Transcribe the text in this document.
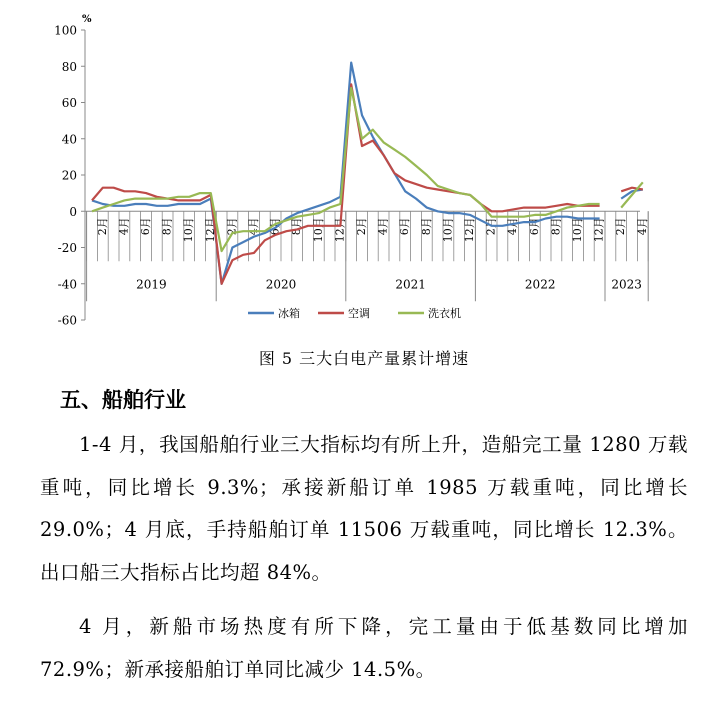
-60
-40
-20
0
20
40
60
80
100
%
2月 4月 6月 8月 10月 12月 2月 4月 6月 8月 10月 12月 2月 4月 6月 8月 10月 12月 2月 4月 6月 8月 10月 12月 2月 4月
2019	2020	2021	2022	2023
冰箱	空调	洗衣机
图 5 三大白电产量累计增速
五、船舶行业

1-4 月，我国船舶行业三大指标均有所上升，造船完工量 1280 万载重吨，同比增长 9.3%；承接新船订单 1985 万载重吨，同比增长 29.0%；4 月底，手持船舶订单 11506 万载重吨，同比增长 12.3%。出口船三大指标占比均超 84%。

4 月，新船市场热度有所下降，完工量由于低基数同比增加 72.9%；新承接船舶订单同比减少 14.5%。
